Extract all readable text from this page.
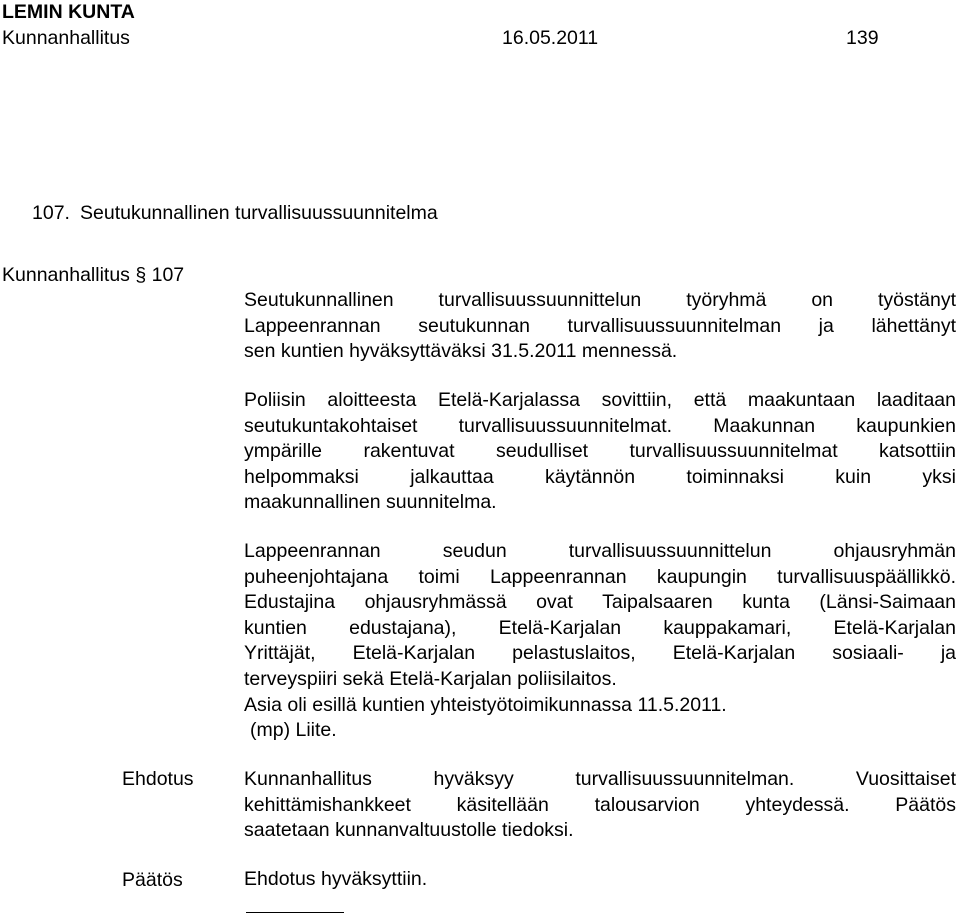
LEMIN KUNTA
Kunnanhallitus	16.05.2011	139
107. Seutukunnallinen turvallisuussuunnitelma
Kunnanhallitus § 107
Seutukunnallinen turvallisuussuunnittelun työryhmä on työstänyt
Lappeenrannan seutukunnan turvallisuussuunnitelman ja lähettänyt
sen kuntien hyväksyttäväksi 31.5.2011 mennessä.
Poliisin aloitteesta Etelä-Karjalassa sovittiin, että maakuntaan laaditaan
seutukuntakohtaiset turvallisuussuunnitelmat. Maakunnan kaupunkien
ympärille rakentuvat seudulliset turvallisuussuunnitelmat katsottiin
helpommaksi jalkauttaa käytännön toiminnaksi kuin yksi
maakunnallinen suunnitelma.
Lappeenrannan seudun turvallisuussuunnittelun ohjausryhmän
puheenjohtajana toimi Lappeenrannan kaupungin turvallisuuspäällikkö.
Edustajina ohjausryhmässä ovat Taipalsaaren kunta (Länsi-Saimaan
kuntien edustajana), Etelä-Karjalan kauppakamari, Etelä-Karjalan
Yrittäjät, Etelä-Karjalan pelastuslaitos, Etelä-Karjalan sosiaali- ja
terveyspiiri sekä Etelä-Karjalan poliisilaitos.
Asia oli esillä kuntien yhteistyötoimikunnassa 11.5.2011.
(mp) Liite.
Ehdotus	Kunnanhallitus hyväksyy turvallisuussuunnitelman. Vuosittaiset
kehittämishankkeet käsitellään talousarvion yhteydessä. Päätös
saatetaan kunnanvaltuustolle tiedoksi.
Päätös	Ehdotus hyväksyttiin.
